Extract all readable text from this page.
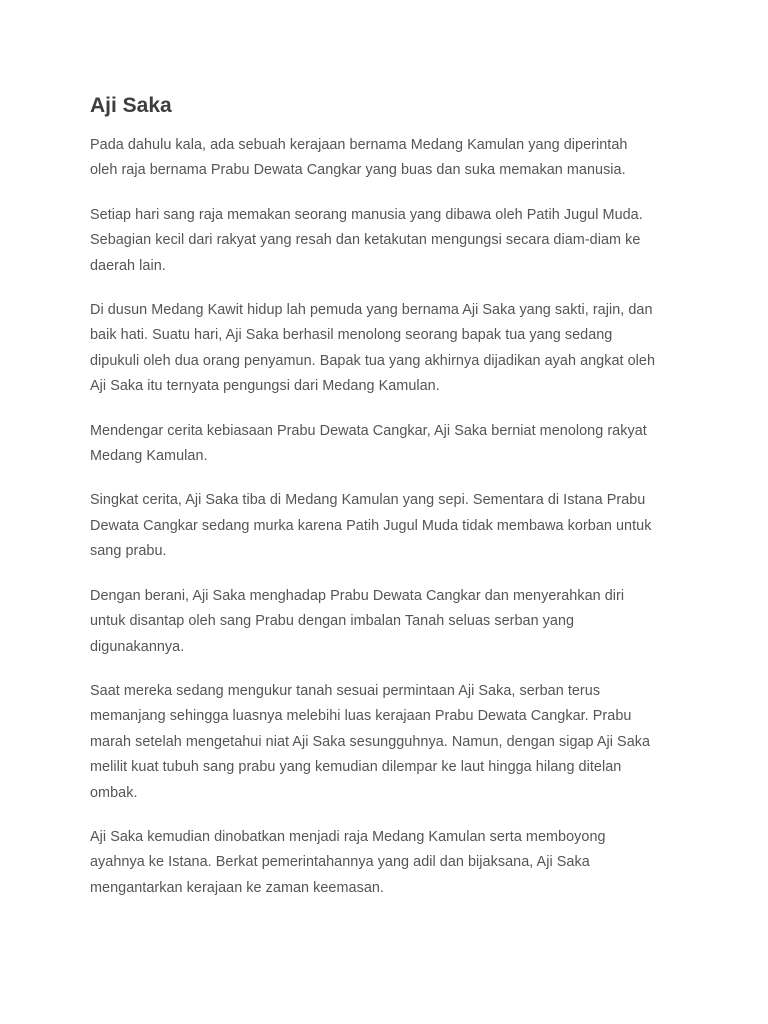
Aji Saka

Pada dahulu kala, ada sebuah kerajaan bernama Medang Kamulan yang diperintah
oleh raja bernama Prabu Dewata Cangkar yang buas dan suka memakan manusia.

Setiap hari sang raja memakan seorang manusia yang dibawa oleh Patih Jugul Muda.
Sebagian kecil dari rakyat yang resah dan ketakutan mengungsi secara diam-diam ke
daerah lain.

Di dusun Medang Kawit hidup lah pemuda yang bernama Aji Saka yang sakti, rajin, dan
baik hati. Suatu hari, Aji Saka berhasil menolong seorang bapak tua yang sedang
dipukuli oleh dua orang penyamun. Bapak tua yang akhirnya dijadikan ayah angkat oleh
Aji Saka itu ternyata pengungsi dari Medang Kamulan.

Mendengar cerita kebiasaan Prabu Dewata Cangkar, Aji Saka berniat menolong rakyat
Medang Kamulan.

Singkat cerita, Aji Saka tiba di Medang Kamulan yang sepi. Sementara di Istana Prabu
Dewata Cangkar sedang murka karena Patih Jugul Muda tidak membawa korban untuk
sang prabu.

Dengan berani, Aji Saka menghadap Prabu Dewata Cangkar dan menyerahkan diri
untuk disantap oleh sang Prabu dengan imbalan Tanah seluas serban yang
digunakannya.

Saat mereka sedang mengukur tanah sesuai permintaan Aji Saka, serban terus
memanjang sehingga luasnya melebihi luas kerajaan Prabu Dewata Cangkar. Prabu
marah setelah mengetahui niat Aji Saka sesungguhnya. Namun, dengan sigap Aji Saka
melilit kuat tubuh sang prabu yang kemudian dilempar ke laut hingga hilang ditelan
ombak.

Aji Saka kemudian dinobatkan menjadi raja Medang Kamulan serta memboyong
ayahnya ke Istana. Berkat pemerintahannya yang adil dan bijaksana, Aji Saka
mengantarkan kerajaan ke zaman keemasan.
